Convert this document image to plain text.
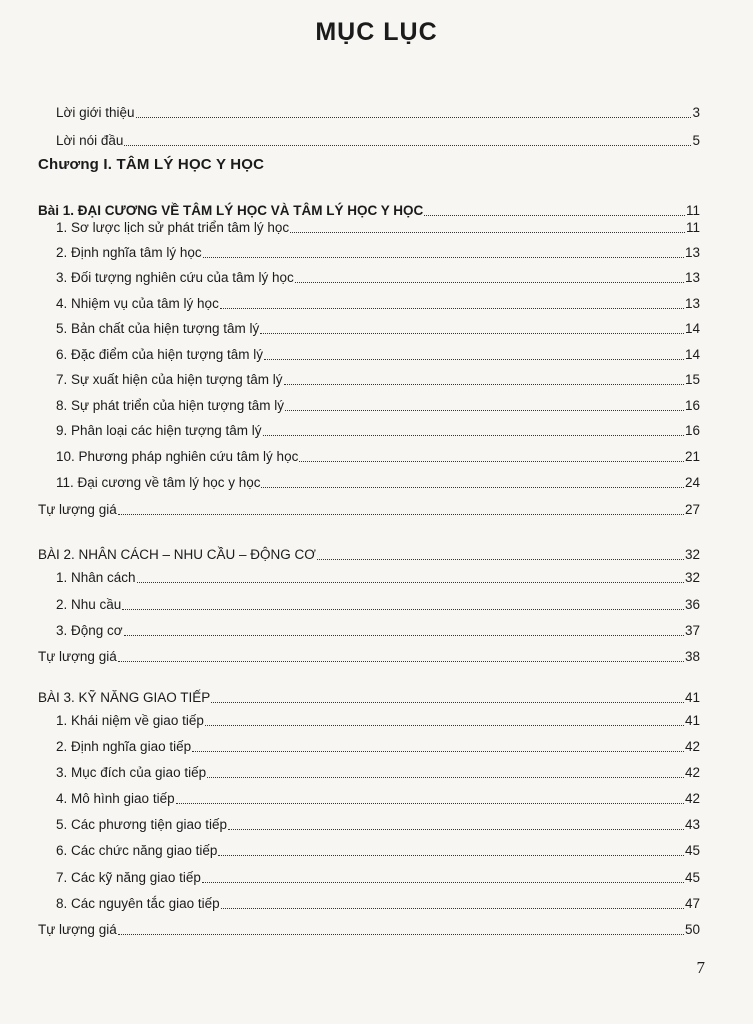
MỤC LỤC
Chương I. TÂM LÝ HỌC Y HỌC
Lời giới thiệu	3
Lời nói đầu	5
Bài 1. ĐẠI CƯƠNG VỀ TÂM LÝ HỌC VÀ TÂM LÝ HỌC Y HỌC	11
1. Sơ lược lịch sử phát triển tâm lý học	11
2. Định nghĩa tâm lý học	13
3. Đối tượng nghiên cứu của tâm lý học	13
4. Nhiệm vụ của tâm lý học	13
5. Bản chất của hiện tượng tâm lý	14
6. Đặc điểm của hiện tượng tâm lý	14
7. Sự xuất hiện của hiện tượng tâm lý	15
8. Sự phát triển của hiện tượng tâm lý	16
9. Phân loại các hiện tượng tâm lý	16
10. Phương pháp nghiên cứu tâm lý học	21
11. Đại cương về tâm lý học y học	24
Tự lượng giá	27
BÀI 2. NHÂN CÁCH – NHU CẦU – ĐỘNG CƠ	32
1. Nhân cách	32
2. Nhu cầu	36
3. Động cơ	37
Tự lượng giá	38
BÀI 3. KỸ NĂNG GIAO TIẾP	41
1. Khái niệm về giao tiếp	41
2. Định nghĩa giao tiếp	42
3. Mục đích của giao tiếp	42
4. Mô hình giao tiếp	42
5. Các phương tiện giao tiếp	43
6. Các chức năng giao tiếp	45
7. Các kỹ năng giao tiếp	45
8. Các nguyên tắc giao tiếp	47
Tự lượng giá	50
7
